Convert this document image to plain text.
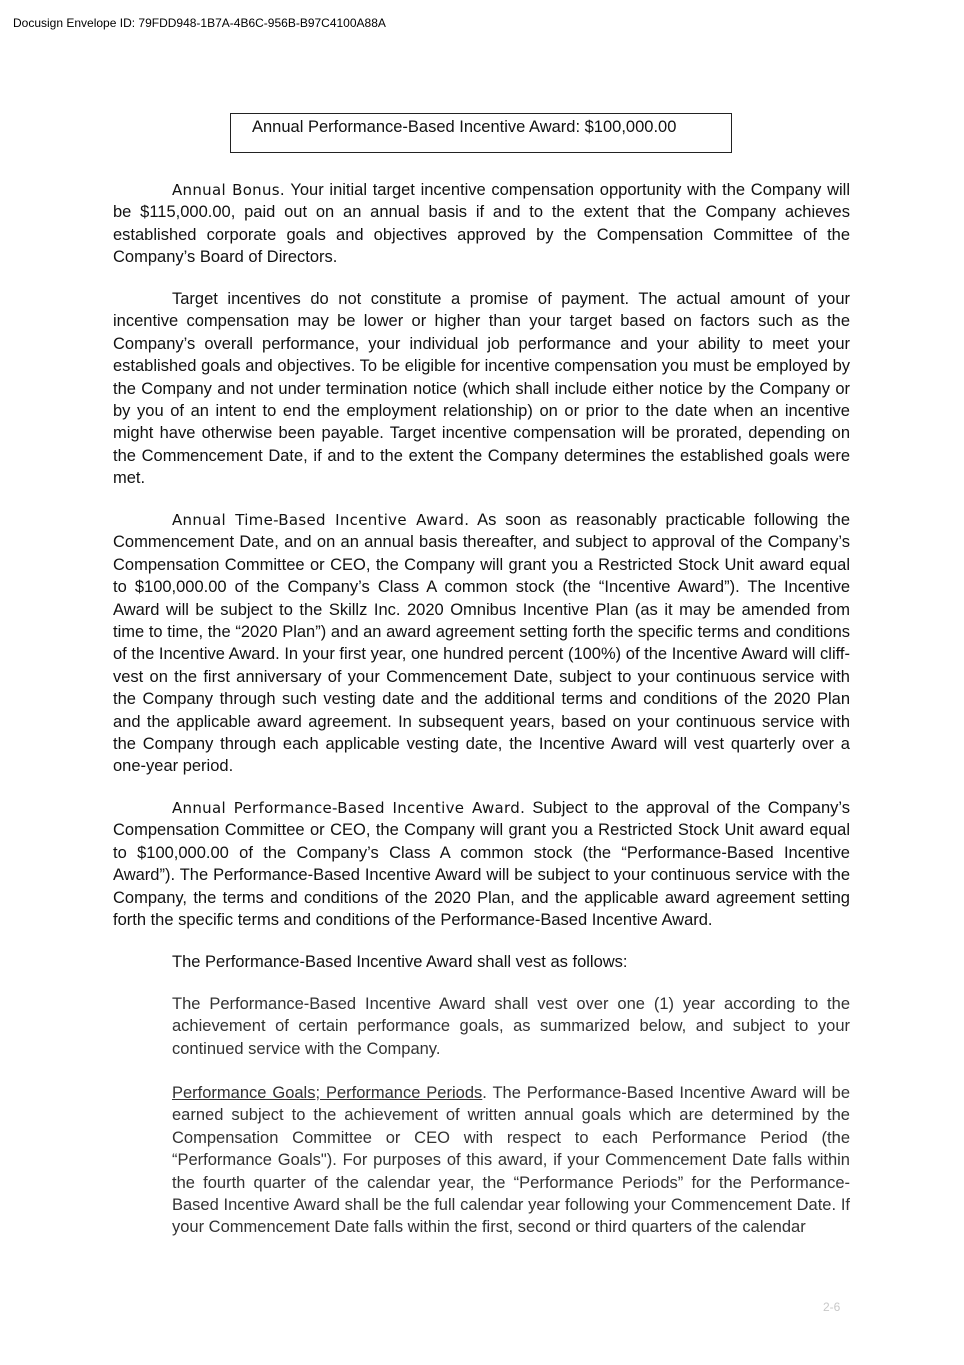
Docusign Envelope ID: 79FDD948-1B7A-4B6C-956B-B97C4100A88A
Annual Performance-Based Incentive Award: $100,000.00

Annual Bonus. Your initial target incentive compensation opportunity with the Company will be $115,000.00, paid out on an annual basis if and to the extent that the Company achieves established corporate goals and objectives approved by the Compensation Committee of the Company’s Board of Directors.

Target incentives do not constitute a promise of payment. The actual amount of your incentive compensation may be lower or higher than your target based on factors such as the Company’s overall performance, your individual job performance and your ability to meet your established goals and objectives. To be eligible for incentive compensation you must be employed by the Company and not under termination notice (which shall include either notice by the Company or by you of an intent to end the employment relationship) on or prior to the date when an incentive might have otherwise been payable. Target incentive compensation will be prorated, depending on the Commencement Date, if and to the extent the Company determines the established goals were met.

Annual Time-Based Incentive Award. As soon as reasonably practicable following the Commencement Date, and on an annual basis thereafter, and subject to approval of the Company’s Compensation Committee or CEO, the Company will grant you a Restricted Stock Unit award equal to $100,000.00 of the Company’s Class A common stock (the “Incentive Award”). The Incentive Award will be subject to the Skillz Inc. 2020 Omnibus Incentive Plan (as it may be amended from time to time, the “2020 Plan”) and an award agreement setting forth the specific terms and conditions of the Incentive Award. In your first year, one hundred percent (100%) of the Incentive Award will cliff-vest on the first anniversary of your Commencement Date, subject to your continuous service with the Company through such vesting date and the additional terms and conditions of the 2020 Plan and the applicable award agreement. In subsequent years, based on your continuous service with the Company through each applicable vesting date, the Incentive Award will vest quarterly over a one-year period.

Annual Performance-Based Incentive Award. Subject to the approval of the Company’s Compensation Committee or CEO, the Company will grant you a Restricted Stock Unit award equal to $100,000.00 of the Company’s Class A common stock (the “Performance-Based Incentive Award”). The Performance-Based Incentive Award will be subject to your continuous service with the Company, the terms and conditions of the 2020 Plan, and the applicable award agreement setting forth the specific terms and conditions of the Performance-Based Incentive Award.

The Performance-Based Incentive Award shall vest as follows:

The Performance-Based Incentive Award shall vest over one (1) year according to the achievement of certain performance goals, as summarized below, and subject to your continued service with the Company.

Performance Goals; Performance Periods. The Performance-Based Incentive Award will be earned subject to the achievement of written annual goals which are determined by the Compensation Committee or CEO with respect to each Performance Period (the “Performance Goals"). For purposes of this award, if your Commencement Date falls within the fourth quarter of the calendar year, the “Performance Periods” for the Performance-Based Incentive Award shall be the full calendar year following your Commencement Date. If your Commencement Date falls within the first, second or third quarters of the calendar

2-6
